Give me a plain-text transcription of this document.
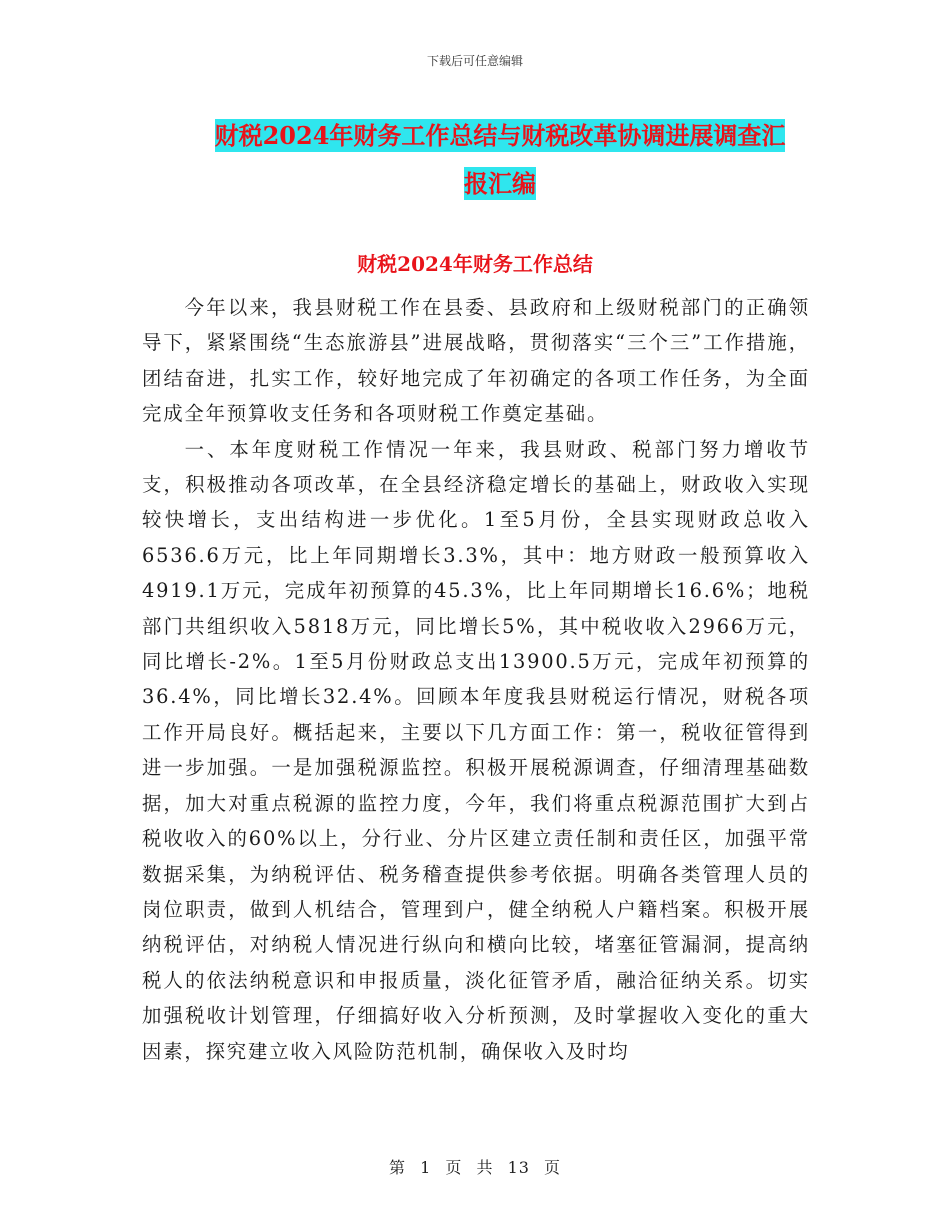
下载后可任意编辑
财税2024年财务工作总结与财税改革协调进展调查汇
报汇编
财税2024年财务工作总结

今年以来，我县财税工作在县委、县政府和上级财税部门的正确领导下，紧紧围绕“生态旅游县”进展战略，贯彻落实“三个三”工作措施，团结奋进，扎实工作，较好地完成了年初确定的各项工作任务，为全面完成全年预算收支任务和各项财税工作奠定基础。

一、本年度财税工作情况一年来，我县财政、税部门努力增收节支，积极推动各项改革，在全县经济稳定增长的基础上，财政收入实现较快增长，支出结构进一步优化。1至5月份，全县实现财政总收入6536.6万元，比上年同期增长3.3%，其中：地方财政一般预算收入4919.1万元，完成年初预算的45.3%，比上年同期增长16.6%；地税部门共组织收入5818万元，同比增长5%，其中税收收入2966万元，同比增长-2%。1至5月份财政总支出13900.5万元，完成年初预算的36.4%，同比增长32.4%。回顾本年度我县财税运行情况，财税各项工作开局良好。概括起来，主要以下几方面工作：第一，税收征管得到进一步加强。一是加强税源监控。积极开展税源调查，仔细清理基础数据，加大对重点税源的监控力度，今年，我们将重点税源范围扩大到占税收收入的60%以上，分行业、分片区建立责任制和责任区，加强平常数据采集，为纳税评估、税务稽查提供参考依据。明确各类管理人员的岗位职责，做到人机结合，管理到户，健全纳税人户籍档案。积极开展纳税评估，对纳税人情况进行纵向和横向比较，堵塞征管漏洞，提高纳税人的依法纳税意识和申报质量，淡化征管矛盾，融洽征纳关系。切实加强税收计划管理，仔细搞好收入分析预测，及时掌握收入变化的重大因素，探究建立收入风险防范机制，确保收入及时均

第 1 页 共 13 页
